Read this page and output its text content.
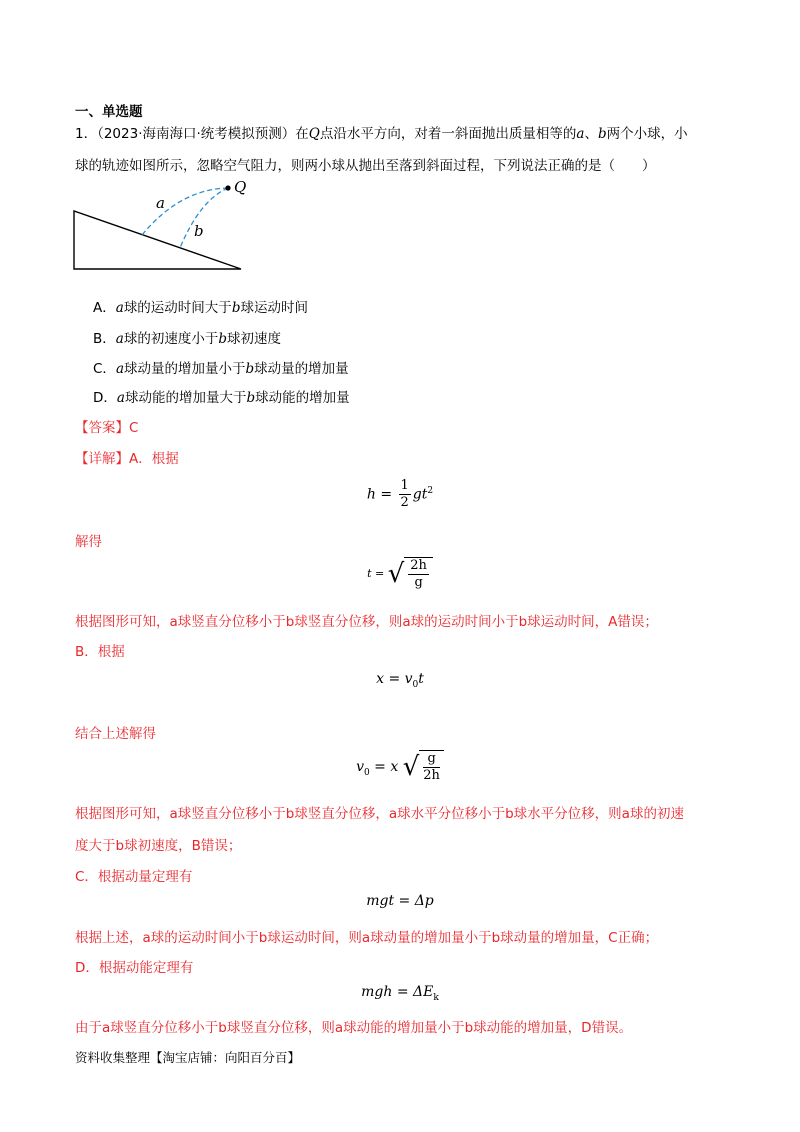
一、单选题
1．（2023·海南海口·统考模拟预测）在Q点沿水平方向，对着一斜面抛出质量相等的a、b两个小球，小
球的轨迹如图所示，忽略空气阻力，则两小球从抛出至落到斜面过程，下列说法正确的是（　　）
Q
a
b
A．a球的运动时间大于b球运动时间
B．a球的初速度小于b球初速度
C．a球动量的增加量小于b球动量的增加量
D．a球动能的增加量大于b球动能的增加量
【答案】C
【详解】A．根据
$h = \frac{1}{2} gt^2$
解得
t = √ $\frac{2h}{g}$
根据图形可知，a球竖直分位移小于b球竖直分位移，则a球的运动时间小于b球运动时间，A错误；
B．根据
$x = v_0t$
结合上述解得
$v_0 = x$ √ $\frac{g}{2h}$
根据图形可知，a球竖直分位移小于b球竖直分位移，a球水平分位移小于b球水平分位移，则a球的初速
度大于b球初速度，B错误；
C．根据动量定理有
mgt = Δp
根据上述，a球的运动时间小于b球运动时间，则a球动量的增加量小于b球动量的增加量，C正确；
D．根据动能定理有
mgh = $\Delta E_k$
由于a球竖直分位移小于b球竖直分位移，则a球动能的增加量小于b球动能的增加量，D错误。
资料收集整理【淘宝店铺：向阳百分百】
